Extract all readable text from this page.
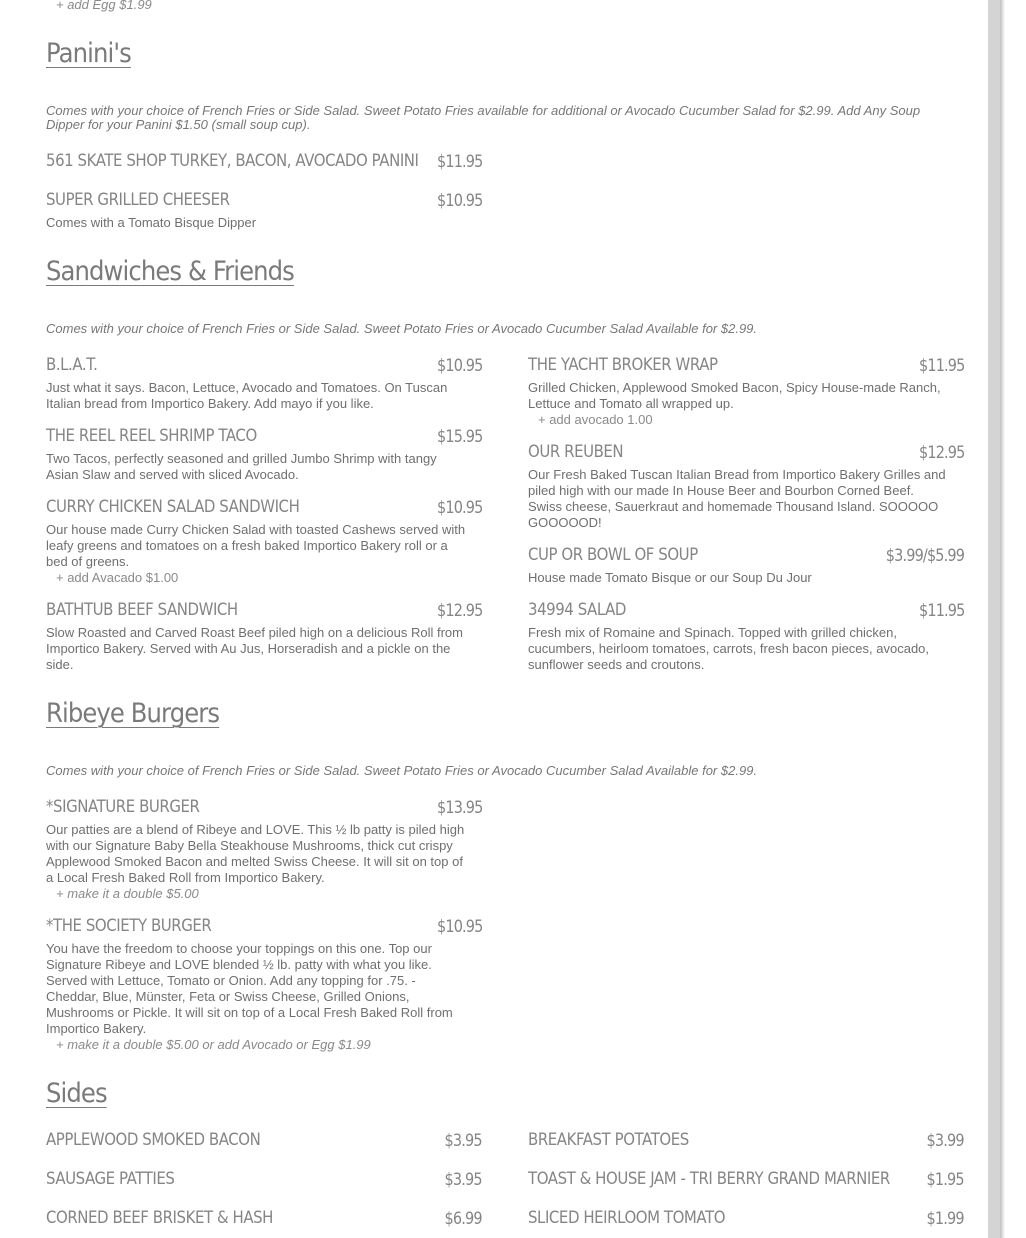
+ add Egg $1.99
Panini's

Comes with your choice of French Fries or Side Salad. Sweet Potato Fries available for additional or Avocado Cucumber Salad for $2.99. Add Any Soup Dipper for your Panini $1.50 (small soup cup).

561 SKATE SHOP TURKEY, BACON, AVOCADO PANINI $11.95
SUPER GRILLED CHEESER	$10.95

Comes with a Tomato Bisque Dipper

Sandwiches & Friends

Comes with your choice of French Fries or Side Salad. Sweet Potato Fries or Avocado Cucumber Salad Available for $2.99.

B.L.A.T.	$10.95

Just what it says. Bacon, Lettuce, Avocado and Tomatoes. On Tuscan Italian bread from Importico Bakery. Add mayo if you like.

THE REEL REEL SHRIMP TACO	$15.95

Two Tacos, perfectly seasoned and grilled Jumbo Shrimp with tangy Asian Slaw and served with sliced Avocado.

CURRY CHICKEN SALAD SANDWICH	$10.95

Our house made Curry Chicken Salad with toasted Cashews served with leafy greens and tomatoes on a fresh baked Importico Bakery roll or a bed of greens.

+ add Avacado $1.00

BATHTUB BEEF SANDWICH	$12.95

Slow Roasted and Carved Roast Beef piled high on a delicious Roll from Importico Bakery. Served with Au Jus, Horseradish and a pickle on the side.

THE YACHT BROKER WRAP	$11.95

Grilled Chicken, Applewood Smoked Bacon, Spicy House-made Ranch, Lettuce and Tomato all wrapped up.

+ add avocado 1.00

OUR REUBEN	$12.95

Our Fresh Baked Tuscan Italian Bread from Importico Bakery Grilles and piled high with our made In House Beer and Bourbon Corned Beef. Swiss cheese, Sauerkraut and homemade Thousand Island. SOOOOO GOOOOOD!

CUP OR BOWL OF SOUP	$3.99/$5.99

House made Tomato Bisque or our Soup Du Jour

34994 SALAD	$11.95

Fresh mix of Romaine and Spinach. Topped with grilled chicken, cucumbers, heirloom tomatoes, carrots, fresh bacon pieces, avocado, sunflower seeds and croutons.

Ribeye Burgers

Comes with your choice of French Fries or Side Salad. Sweet Potato Fries or Avocado Cucumber Salad Available for $2.99.

*SIGNATURE BURGER	$13.95

Our patties are a blend of Ribeye and LOVE. This ½ lb patty is piled high with our Signature Baby Bella Steakhouse Mushrooms, thick cut crispy Applewood Smoked Bacon and melted Swiss Cheese. It will sit on top of a Local Fresh Baked Roll from Importico Bakery.

+ make it a double $5.00

*THE SOCIETY BURGER	$10.95

You have the freedom to choose your toppings on this one. Top our Signature Ribeye and LOVE blended ½ lb. patty with what you like. Served with Lettuce, Tomato or Onion. Add any topping for .75. - Cheddar, Blue, Münster, Feta or Swiss Cheese, Grilled Onions, Mushrooms or Pickle. It will sit on top of a Local Fresh Baked Roll from Importico Bakery.

+ make it a double $5.00 or add Avocado or Egg $1.99

Sides
APPLEWOOD SMOKED BACON	$3.95
SAUSAGE PATTIES	$3.95
CORNED BEEF BRISKET & HASH	$6.99
BREAKFAST POTATOES	$3.99
TOAST & HOUSE JAM - TRI BERRY GRAND MARNIER $1.95
SLICED HEIRLOOM TOMATO	$1.99
